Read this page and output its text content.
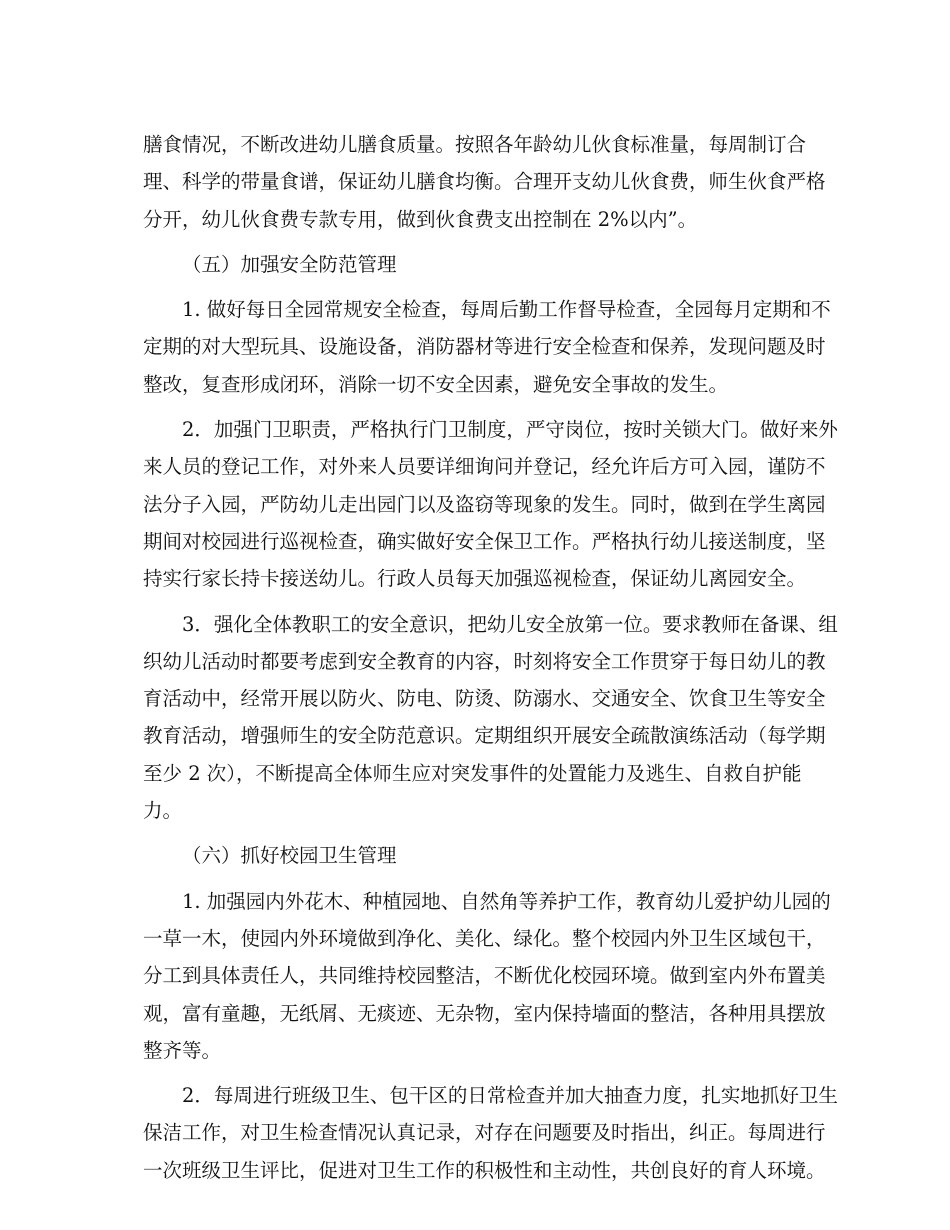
膳食情况，不断改进幼儿膳食质量。按照各年龄幼儿伙食标准量，每周制订合
理、科学的带量食谱，保证幼儿膳食均衡。合理开支幼儿伙食费，师生伙食严格
分开，幼儿伙食费专款专用，做到伙食费支出控制在 2%以内”。
（五）加强安全防范管理
1. 做好每日全园常规安全检查，每周后勤工作督导检查，全园每月定期和不
定期的对大型玩具、设施设备，消防器材等进行安全检查和保养，发现问题及时
整改，复查形成闭环，消除一切不安全因素，避免安全事故的发生。
2．加强门卫职责，严格执行门卫制度，严守岗位，按时关锁大门。做好来外
来人员的登记工作，对外来人员要详细询问并登记，经允许后方可入园，谨防不
法分子入园，严防幼儿走出园门以及盗窃等现象的发生。同时，做到在学生离园
期间对校园进行巡视检查，确实做好安全保卫工作。严格执行幼儿接送制度，坚
持实行家长持卡接送幼儿。行政人员每天加强巡视检查，保证幼儿离园安全。
3．强化全体教职工的安全意识，把幼儿安全放第一位。要求教师在备课、组
织幼儿活动时都要考虑到安全教育的内容，时刻将安全工作贯穿于每日幼儿的教
育活动中，经常开展以防火、防电、防烫、防溺水、交通安全、饮食卫生等安全
教育活动，增强师生的安全防范意识。定期组织开展安全疏散演练活动（每学期
至少 2 次），不断提高全体师生应对突发事件的处置能力及逃生、自救自护能
力。
（六）抓好校园卫生管理
1. 加强园内外花木、种植园地、自然角等养护工作，教育幼儿爱护幼儿园的
一草一木，使园内外环境做到净化、美化、绿化。整个校园内外卫生区域包干，
分工到具体责任人，共同维持校园整洁，不断优化校园环境。做到室内外布置美
观，富有童趣，无纸屑、无痰迹、无杂物，室内保持墙面的整洁，各种用具摆放
整齐等。
2．每周进行班级卫生、包干区的日常检查并加大抽查力度，扎实地抓好卫生
保洁工作，对卫生检查情况认真记录，对存在问题要及时指出，纠正。每周进行
一次班级卫生评比，促进对卫生工作的积极性和主动性，共创良好的育人环境。
